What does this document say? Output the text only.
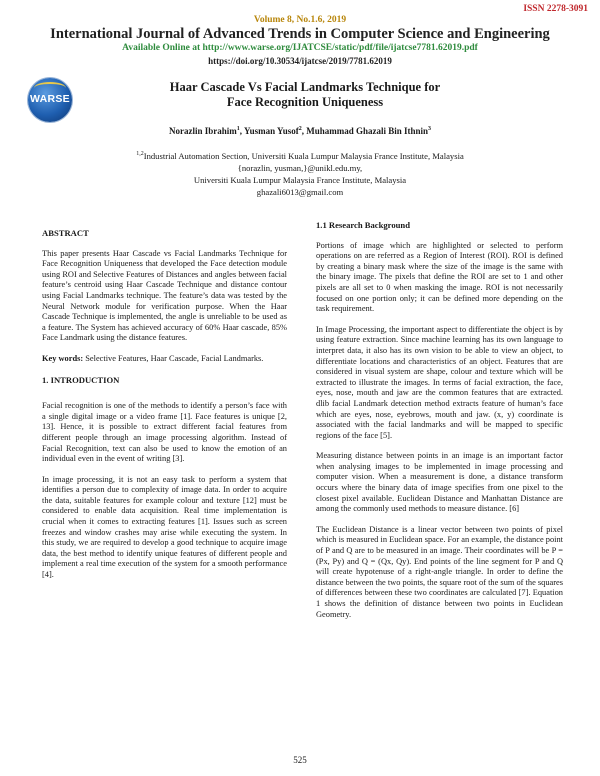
ISSN 2278-3091
Volume 8, No.1.6, 2019
International Journal of Advanced Trends in Computer Science and Engineering
Available Online at http://www.warse.org/IJATCSE/static/pdf/file/ijatcse7781.62019.pdf
https://doi.org/10.30534/ijatcse/2019/7781.62019
WARSE
Haar Cascade Vs Facial Landmarks Technique for
Face Recognition Uniqueness
Norazlin Ibrahim$^1$, Yusman Yusof$^2$, Muhammad Ghazali Bin Ithnin$^3$
$^{1,2}$Industrial Automation Section, Universiti Kuala Lumpur Malaysia France Institute, Malaysia
{norazlin, yusman,}@unikl.edu.my,
Universiti Kuala Lumpur Malaysia France Institute, Malaysia
ghazali6013@gmail.com
ABSTRACT

This paper presents Haar Cascade vs Facial Landmarks Technique for Face Recognition Uniqueness that developed the Face detection module using ROI and Selective Features of Distances and angles between facial feature’s centroid using Haar Cascade Technique and distance contour using Facial Landmarks technique. The feature’s data was tested by the Neural Network module for verification purpose. When the Haar Cascade Technique is implemented, the angle is unreliable to be used as a feature. The System has achieved accuracy of 60% Haar cascade, 85% Face Landmark using the distance features.

Key words: Selective Features, Haar Cascade, Facial Landmarks.

1. INTRODUCTION

Facial recognition is one of the methods to identify a person’s face with a single digital image or a video frame [1]. Face features is unique [2, 13]. Hence, it is possible to extract different facial features from different people through an image processing algorithm. Instead of Facial Recognition, text can also be used to know the emotion of an individual even in the event of writing [3].

In image processing, it is not an easy task to perform a system that identifies a person due to complexity of image data. In order to acquire the data, suitable features for example colour and texture [12] must be considered to enable data acquisition. Real time implementation is crucial when it comes to extracting features [1]. Issues such as screen freezes and window crashes may arise while executing the system. In this study, we are required to develop a good technique to acquire image data, the best method to identify unique features of different people and implement a real time execution of the system for a smooth performance [4].

1.1 Research Background

Portions of image which are highlighted or selected to perform operations on are referred as a Region of Interest (ROI). ROI is defined by creating a binary mask where the size of the image is the same with the binary image. The pixels that define the ROI are set to 1 and other pixels are all set to 0 when masking the image. ROI is not necessarily focused on one portion only; it can be defined more depending on the task requirement.

In Image Processing, the important aspect to differentiate the object is by using feature extraction. Since machine learning has its own language to interpret data, it also has its own vision to be able to view an object, to differentiate locations and characteristics of an object. Features that are considered in visual system are shape, colour and texture which will be extracted to illustrate the images. In terms of facial extraction, the face, eyes, nose, mouth and jaw are the common features that are extracted. dlib facial Landmark detection method extracts feature of human’s face which are eyes, nose, eyebrows, mouth and jaw. (x, y) coordinate is associated with the facial landmarks and will be mapped to specific regions of the face [5].

Measuring distance between points in an image is an important factor when analysing images to be implemented in image processing and computer vision. When a measurement is done, a distance transform occurs where the binary data of image specifies from one pixel to the closest pixel available. Euclidean Distance and Manhattan Distance are among the commonly used methods to measure distance. [6]

The Euclidean Distance is a linear vector between two points of pixel which is measured in Euclidean space. For an example, the distance point of P and Q are to be measured in an image. Their coordinates will be P = (Px, Py) and Q = (Qx, Qy). End points of the line segment for P and Q will create hypotenuse of a right-angle triangle. In order to define the distance between the two points, the square root of the sum of the squares of differences between these two coordinates are calculated [7]. Equation 1 shows the definition of distance between two points in Euclidean Geometry.

525
